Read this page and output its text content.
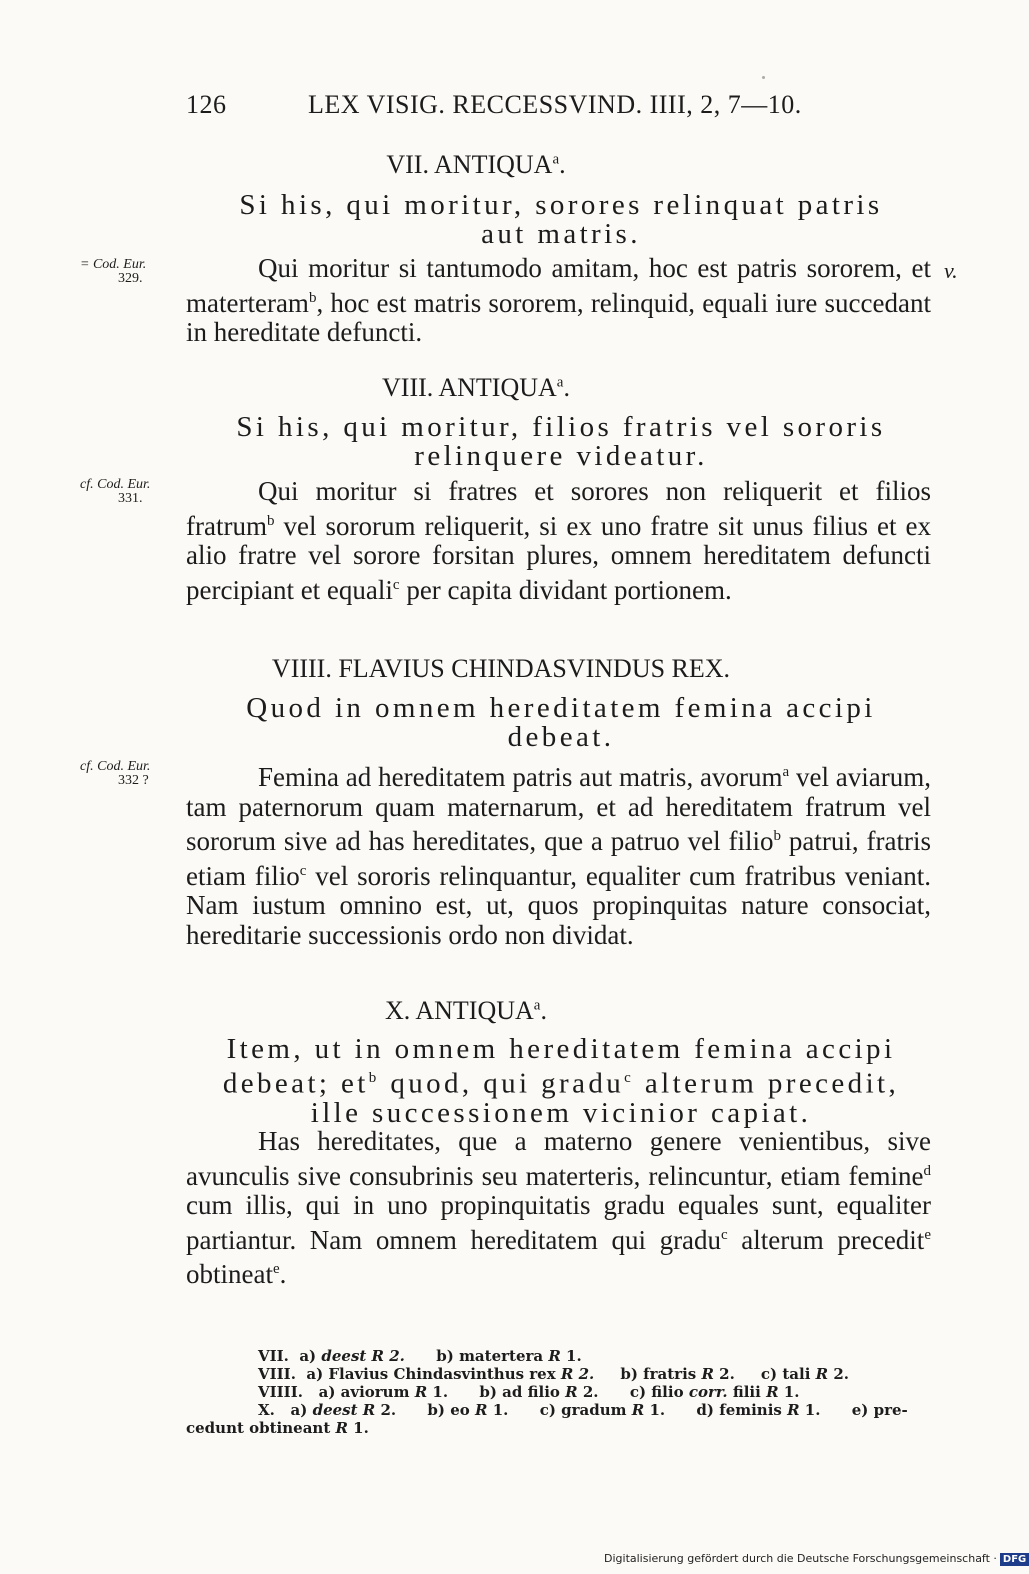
126	LEX VISIG. RECCESSVIND. IIII, 2, 7—10.
VII. ANTIQUA$^a$.
Si his, qui moritur, sorores relinquat patris
aut matris.
= Cod. Eur.
329.	v.

Qui moritur si tantumodo amitam, hoc est patris sororem, et materteram$^b$, hoc est matris sororem, relinquid, equali iure succedant in hereditate defuncti.

VIII. ANTIQUA$^a$.
Si his, qui moritur, filios fratris vel sororis
relinquere videatur.
cf. Cod. Eur.
331.	Qui moritur si fratres et sorores non reliquerit et filios fratrum$^b$ vel sororum reliquerit, si ex uno fratre sit unus filius et ex alio fratre vel sorore forsitan plures, omnem hereditatem defuncti percipiant et equali$^c$ per capita dividant portionem.

VIIII. FLAVIUS CHINDASVINDUS REX.
Quod in omnem hereditatem femina accipi
debeat.
cf. Cod. Eur.
332 ?	Femina ad hereditatem patris aut matris, avorum$^a$ vel aviarum, tam paternorum quam maternarum, et ad hereditatem fratrum vel sororum sive ad has hereditates, que a patruo vel filio$^b$ patrui, fratris etiam filio$^c$ vel sororis relinquantur, equaliter cum fratribus veniant. Nam iustum omnino est, ut, quos propinquitas nature consociat, hereditarie successionis ordo non dividat.

X. ANTIQUA$^a$.
Item, ut in omnem hereditatem femina accipi
debeat; $et^b$ quod, qui gradu$^c$ alterum precedit,
ille successionem vicinior capiat.

Has hereditates, que a materno genere venientibus, sive avunculis sive consubrinis seu materteris, relincuntur, etiam femine$^d$ cum illis, qui in uno propinquitatis gradu equales sunt, equaliter partiantur. Nam omnem hereditatem qui gradu$^c$ alterum precedit$^e$ obtineat$^e$.

VII.  a) deest R 2.      b) matertera R 1.
VIII.  a) Flavius Chindasvinthus rex R 2.     b) fratris R 2.     c) tali R 2.
VIIII.   a) aviorum R 1.      b) ad filio R 2.      c) filio corr. filii R 1.
X.   a) deest R 2.      b) eo R 1.      c) gradum R 1.      d) feminis R 1.      e) pre-
cedunt obtineant R 1.
Digitalisierung gefördert durch die Deutsche Forschungsgemeinschaft · DFG
